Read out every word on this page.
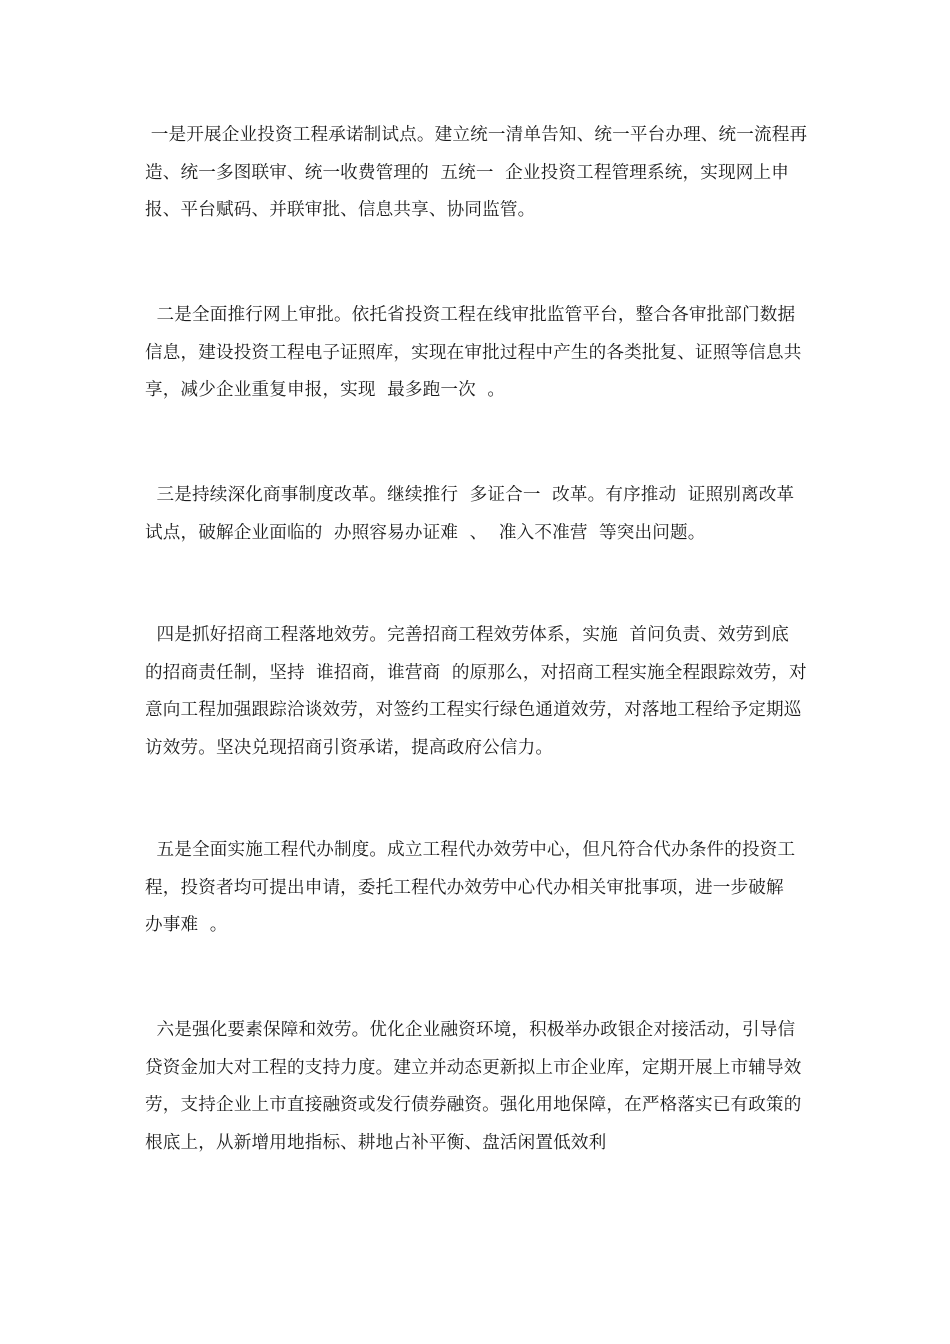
一是开展企业投资工程承诺制试点。建立统一清单告知、统一平台办理、统一流程再造、统一多图联审、统一收费管理的  五统一  企业投资工程管理系统，实现网上申报、平台赋码、并联审批、信息共享、协同监管。

二是全面推行网上审批。依托省投资工程在线审批监管平台，整合各审批部门数据信息，建设投资工程电子证照库，实现在审批过程中产生的各类批复、证照等信息共享，减少企业重复申报，实现  最多跑一次  。

三是持续深化商事制度改革。继续推行  多证合一  改革。有序推动  证照别离改革试点，破解企业面临的  办照容易办证难  、  准入不准营  等突出问题。

四是抓好招商工程落地效劳。完善招商工程效劳体系，实施  首问负责、效劳到底  的招商责任制，坚持  谁招商，谁营商  的原那么，对招商工程实施全程跟踪效劳，对意向工程加强跟踪洽谈效劳，对签约工程实行绿色通道效劳，对落地工程给予定期巡访效劳。坚决兑现招商引资承诺，提高政府公信力。

五是全面实施工程代办制度。成立工程代办效劳中心，但凡符合代办条件的投资工程，投资者均可提出申请，委托工程代办效劳中心代办相关审批事项，进一步破解  办事难  。

六是强化要素保障和效劳。优化企业融资环境，积极举办政银企对接活动，引导信贷资金加大对工程的支持力度。建立并动态更新拟上市企业库，定期开展上市辅导效劳，支持企业上市直接融资或发行债券融资。强化用地保障，在严格落实已有政策的根底上，从新增用地指标、耕地占补平衡、盘活闲置低效利
